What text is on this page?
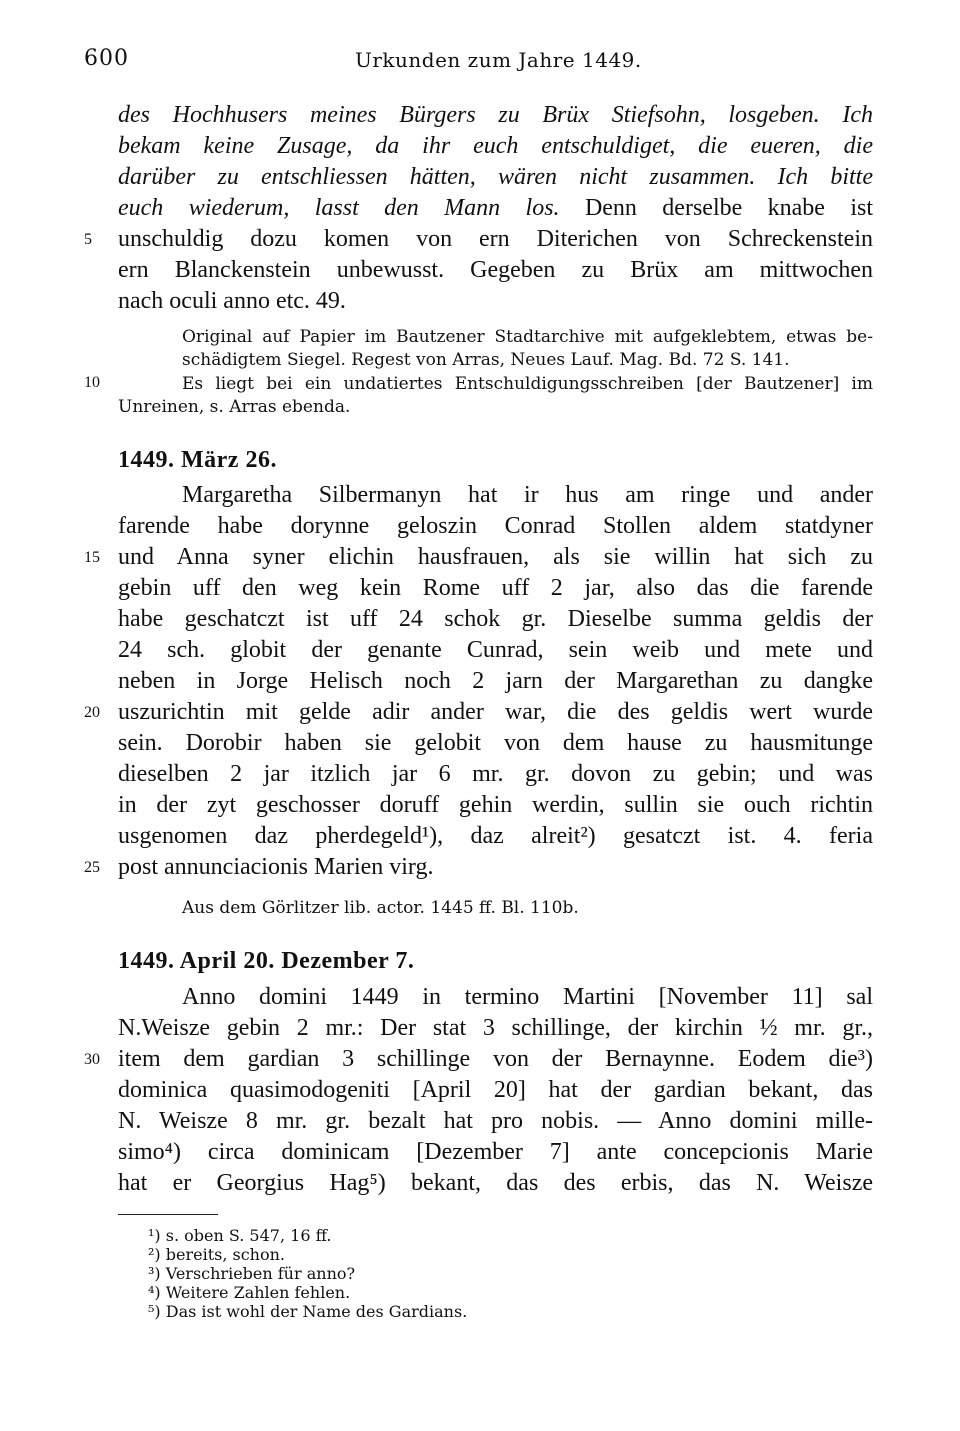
600	Urkunden zum Jahre 1449.
des Hochhusers meines Bürgers zu Brüx Stiefsohn, losgeben. Ich
bekam keine Zusage, da ihr euch entschuldiget, die eueren, die
darüber zu entschliessen hätten, wären nicht zusammen. Ich bitte
euch wiederum, lasst den Mann los. Denn derselbe knabe ist
5 unschuldig dozu komen von ern Diterichen von Schreckenstein
ern Blanckenstein unbewusst. Gegeben zu Brüx am mittwochen
nach oculi anno etc. 49.
Original auf Papier im Bautzener Stadtarchive mit aufgeklebtem, etwas be-
schädigtem Siegel. Regest von Arras, Neues Lauf. Mag. Bd. 72 S. 141.
10	Es liegt bei ein undatiertes Entschuldigungsschreiben [der Bautzener] im
Unreinen, s. Arras ebenda.
1449. März 26.
Margaretha Silbermanyn hat ir hus am ringe und ander
farende habe dorynne geloszin Conrad Stollen aldem statdyner
15 und Anna syner elichin hausfrauen, als sie willin hat sich zu
gebin uff den weg kein Rome uff 2 jar, also das die farende
habe geschatczt ist uff 24 schok gr. Dieselbe summa geldis der
24 sch. globit der genante Cunrad, sein weib und mete und
neben in Jorge Helisch noch 2 jarn der Margarethan zu dangke
20 uszurichtin mit gelde adir ander war, die des geldis wert wurde
sein. Dorobir haben sie gelobit von dem hause zu hausmitunge
dieselben 2 jar itzlich jar 6 mr. gr. dovon zu gebin; und was
in der zyt geschosser doruff gehin werdin, sullin sie ouch richtin
usgenomen daz pherdegeld¹), daz alreit²) gesatczt ist. 4. feria
25 post annunciacionis Marien virg.
Aus dem Görlitzer lib. actor. 1445 ff. Bl. 110b.
1449. April 20. Dezember 7.
Anno domini 1449 in termino Martini [November 11] sal
N.Weisze gebin 2 mr.: Der stat 3 schillinge, der kirchin ½ mr. gr.,
30 item dem gardian 3 schillinge von der Bernaynne. Eodem die³)
dominica quasimodogeniti [April 20] hat der gardian bekant, das
N. Weisze 8 mr. gr. bezalt hat pro nobis. — Anno domini mille-
simo⁴) circa dominicam [Dezember 7] ante concepcionis Marie
hat er Georgius Hag⁵) bekant, das des erbis, das N. Weisze
¹) s. oben S. 547, 16 ff.
²) bereits, schon.
³) Verschrieben für anno?
⁴) Weitere Zahlen fehlen.
⁵) Das ist wohl der Name des Gardians.
